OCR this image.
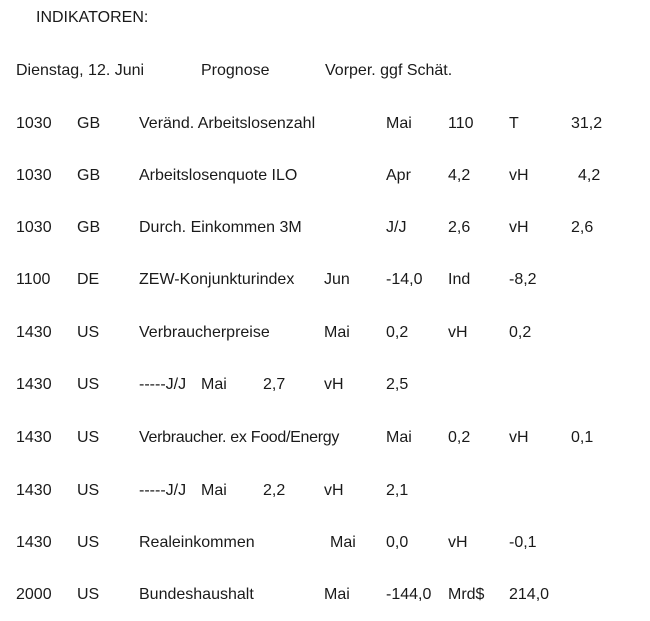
INDIKATOREN:
Dienstag, 12. Juni	Prognose	Vorper. ggf Schät.
1030 GB Veränd. Arbeitslosenzahl	Mai 110 T	31,2
1030 GB Arbeitslosenquote ILO	Apr 4,2 vH	4,2
1030 GB Durch. Einkommen 3M	J/J	2,6 vH	2,6
1100 DE ZEW-Konjunkturindex Jun -14,0 Ind -8,2
1430 US Verbraucherpreise	Mai 0,2 vH	0,2
1430 US -----J/J Mai 2,7 vH	2,5
1430 US Verbraucher. ex Food/Energy	Mai 0,2 vH	0,1
1430 US -----J/J Mai 2,2 vH	2,1
1430 US Realeinkommen	Mai 0,0 vH	-0,1
2000 US Bundeshaushalt	Mai -144,0 Mrd$ 214,0
